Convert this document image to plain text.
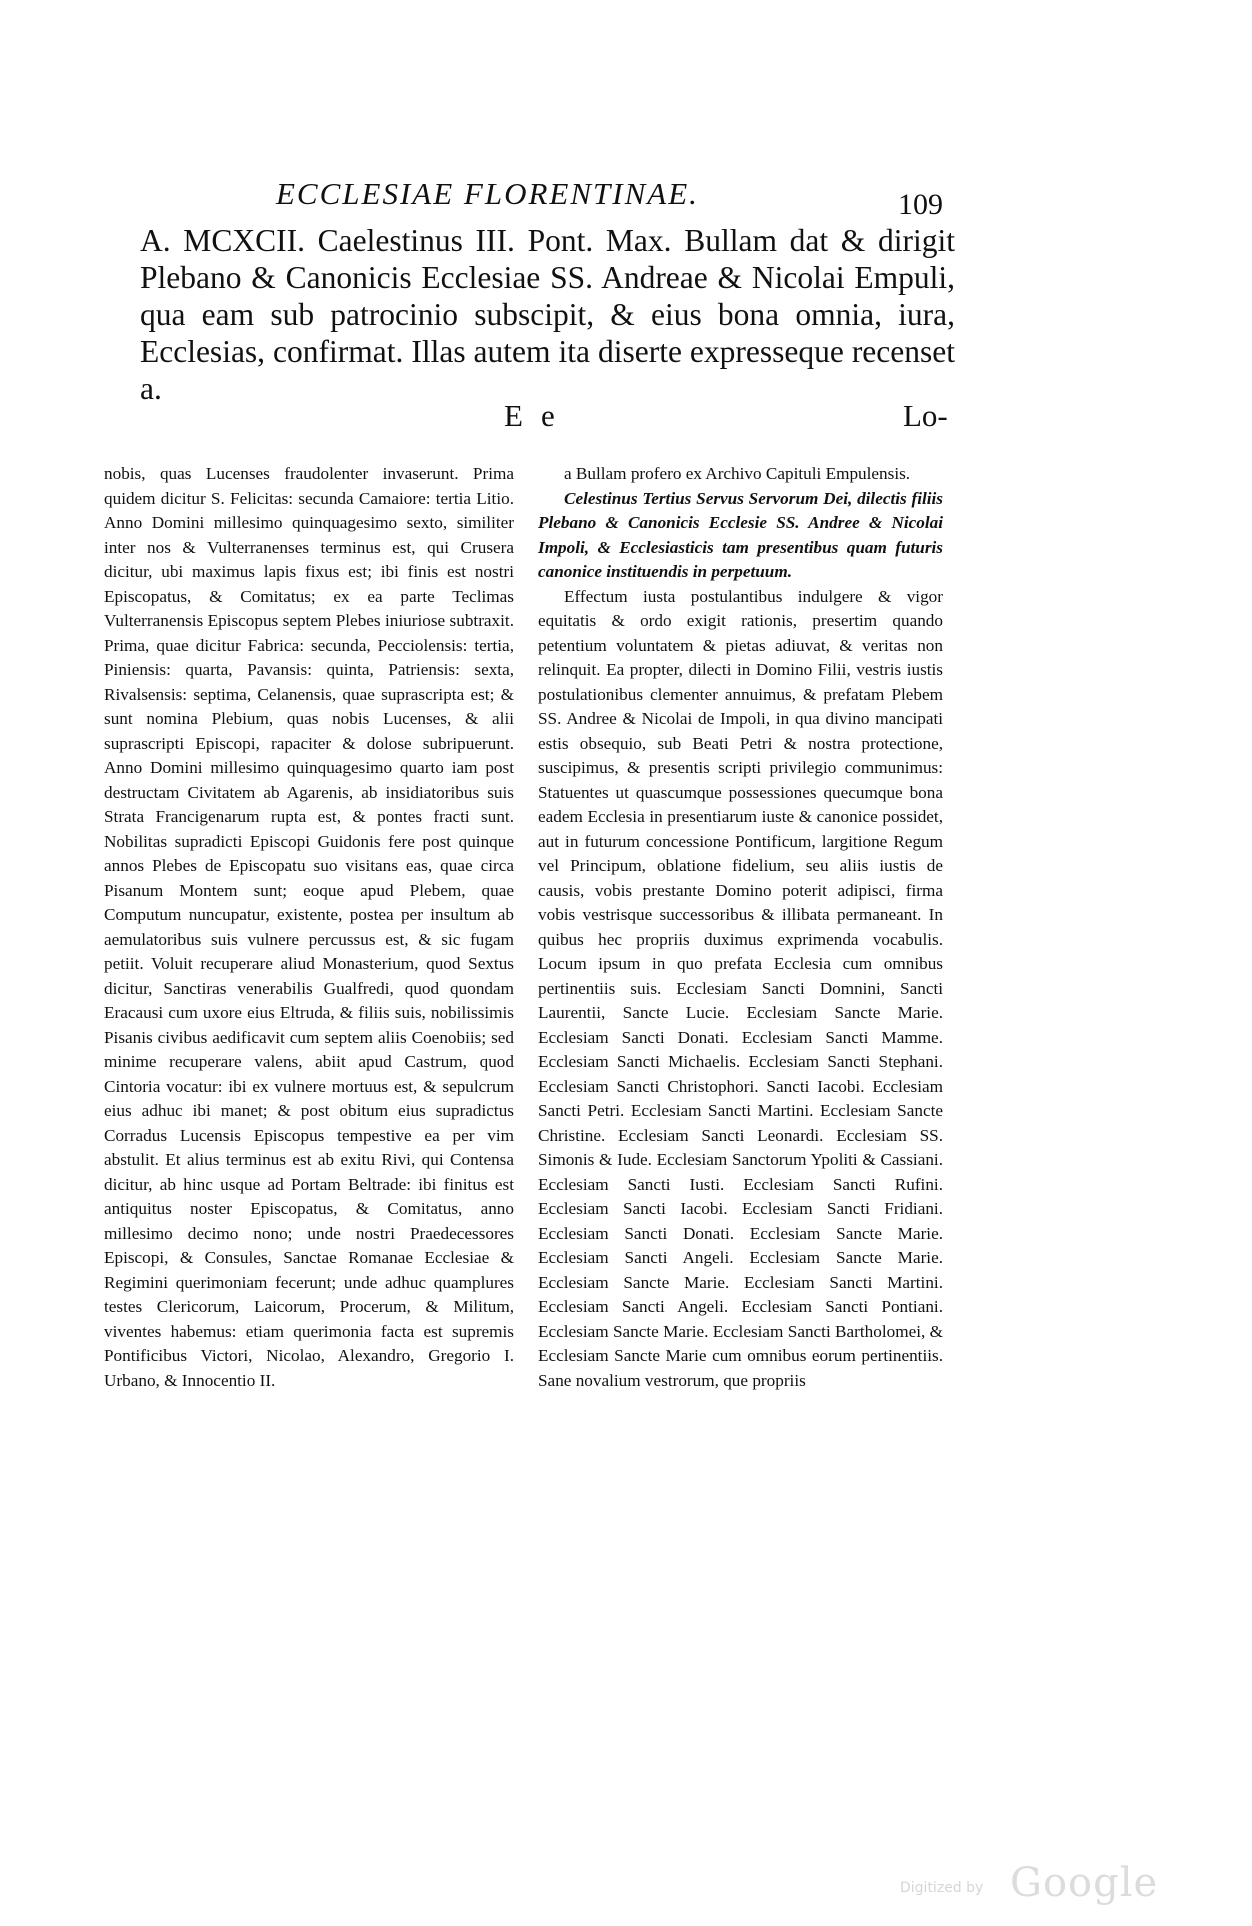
ECCLESIAE FLORENTINAE.	109

A. MCXCII. Caelestinus III. Pont. Max. Bullam dat & dirigit Plebano & Canonicis Ecclesiae SS. Andreae & Nicolai Empuli, qua eam sub patrocinio subscipit, & eius bona omnia, iura, Ecclesias, confirmat. Illas autem ita diserte expresseque recenset a.

E e	Lo-

nobis, quas Lucenses fraudolenter invaserunt. Prima quidem dicitur S. Felicitas: secunda Camaiore: tertia Litio. Anno Domini millesimo quinquagesimo sexto, similiter inter nos & Vulterranenses terminus est, qui Crusera dicitur, ubi maximus lapis fixus est; ibi finis est nostri Episcopatus, & Comitatus; ex ea parte Teclimas Vulterranensis Episcopus septem Plebes iniuriose subtraxit. Prima, quae dicitur Fabrica: secunda, Pecciolensis: tertia, Piniensis: quarta, Pavansis: quinta, Patriensis: sexta, Rivalsensis: septima, Celanensis, quae suprascripta est; & sunt nomina Plebium, quas nobis Lucenses, & alii suprascripti Episcopi, rapaciter & dolose subripuerunt. Anno Domini millesimo quinquagesimo quarto iam post destructam Civitatem ab Agarenis, ab insidiatoribus suis Strata Francigenarum rupta est, & pontes fracti sunt. Nobilitas supradicti Episcopi Guidonis fere post quinque annos Plebes de Episcopatu suo visitans eas, quae circa Pisanum Montem sunt; eoque apud Plebem, quae Computum nuncupatur, existente, postea per insultum ab aemulatoribus suis vulnere percussus est, & sic fugam petiit. Voluit recuperare aliud Monasterium, quod Sextus dicitur, Sanctiras venerabilis Gualfredi, quod quondam Eracausi cum uxore eius Eltruda, & filiis suis, nobilissimis Pisanis civibus aedificavit cum septem aliis Coenobiis; sed minime recuperare valens, abiit apud Castrum, quod Cintoria vocatur: ibi ex vulnere mortuus est, & sepulcrum eius adhuc ibi manet; & post obitum eius supradictus Corradus Lucensis Episcopus tempestive ea per vim abstulit. Et alius terminus est ab exitu Rivi, qui Contensa dicitur, ab hinc usque ad Portam Beltrade: ibi finitus est antiquitus noster Episcopatus, & Comitatus, anno millesimo decimo nono; unde nostri Praedecessores Episcopi, & Consules, Sanctae Romanae Ecclesiae & Regimini querimoniam fecerunt; unde adhuc quamplures testes Clericorum, Laicorum, Procerum, & Militum, viventes habemus: etiam querimonia facta est supremis Pontificibus Victori, Nicolao, Alexandro, Gregorio I. Urbano, & Innocentio II.

a Bullam profero ex Archivo Capituli Empulensis.

Celestinus Tertius Servus Servorum Dei, dilectis filiis Plebano & Canonicis Ecclesie SS. Andree & Nicolai Impoli, & Ecclesiasticis tam presentibus quam futuris canonice instituendis in perpetuum.

Effectum iusta postulantibus indulgere & vigor equitatis & ordo exigit rationis, presertim quando petentium voluntatem & pietas adiuvat, & veritas non relinquit. Ea propter, dilecti in Domino Filii, vestris iustis postulationibus clementer annuimus, & prefatam Plebem SS. Andree & Nicolai de Impoli, in qua divino mancipati estis obsequio, sub Beati Petri & nostra protectione, suscipimus, & presentis scripti privilegio communimus: Statuentes ut quascumque possessiones quecumque bona eadem Ecclesia in presentiarum iuste & canonice possidet, aut in futurum concessione Pontificum, largitione Regum vel Principum, oblatione fidelium, seu aliis iustis de causis, vobis prestante Domino poterit adipisci, firma vobis vestrisque successoribus & illibata permaneant. In quibus hec propriis duximus exprimenda vocabulis. Locum ipsum in quo prefata Ecclesia cum omnibus pertinentiis suis. Ecclesiam Sancti Domnini, Sancti Laurentii, Sancte Lucie. Ecclesiam Sancte Marie. Ecclesiam Sancti Donati. Ecclesiam Sancti Mamme. Ecclesiam Sancti Michaelis. Ecclesiam Sancti Stephani. Ecclesiam Sancti Christophori. Sancti Iacobi. Ecclesiam Sancti Petri. Ecclesiam Sancti Martini. Ecclesiam Sancte Christine. Ecclesiam Sancti Leonardi. Ecclesiam SS. Simonis & Iude. Ecclesiam Sanctorum Ypoliti & Cassiani. Ecclesiam Sancti Iusti. Ecclesiam Sancti Rufini. Ecclesiam Sancti Iacobi. Ecclesiam Sancti Fridiani. Ecclesiam Sancti Donati. Ecclesiam Sancte Marie. Ecclesiam Sancti Angeli. Ecclesiam Sancte Marie. Ecclesiam Sancte Marie. Ecclesiam Sancti Martini. Ecclesiam Sancti Angeli. Ecclesiam Sancti Pontiani. Ecclesiam Sancte Marie. Ecclesiam Sancti Bartholomei, & Ecclesiam Sancte Marie cum omnibus eorum pertinentiis. Sane novalium vestrorum, que propriis

Digitized by Google
